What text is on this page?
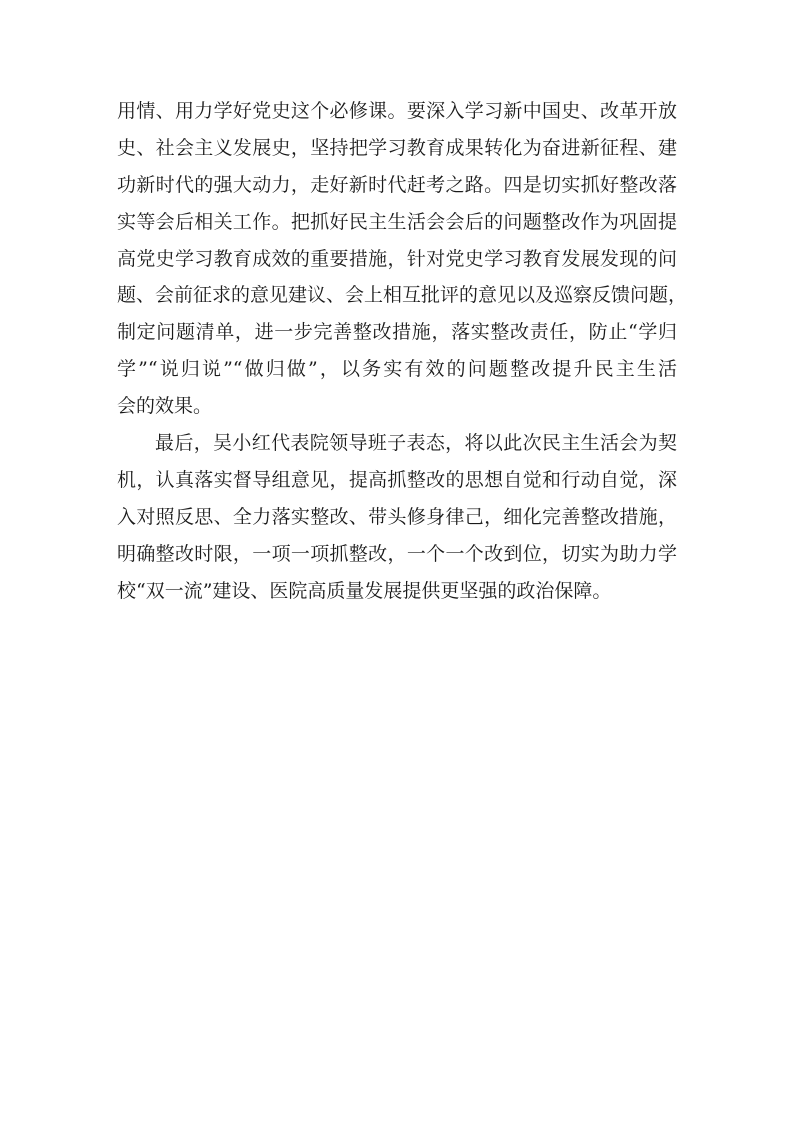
用情、用力学好党史这个必修课。要深入学习新中国史、改革开放
史、社会主义发展史，坚持把学习教育成果转化为奋进新征程、建
功新时代的强大动力，走好新时代赶考之路。四是切实抓好整改落
实等会后相关工作。把抓好民主生活会会后的问题整改作为巩固提
高党史学习教育成效的重要措施，针对党史学习教育发展发现的问
题、会前征求的意见建议、会上相互批评的意见以及巡察反馈问题，
制定问题清单，进一步完善整改措施，落实整改责任，防止“学归
学”“说归说”“做归做”，以务实有效的问题整改提升民主生活
会的效果。
最后，吴小红代表院领导班子表态，将以此次民主生活会为契
机，认真落实督导组意见，提高抓整改的思想自觉和行动自觉，深
入对照反思、全力落实整改、带头修身律己，细化完善整改措施，
明确整改时限，一项一项抓整改，一个一个改到位，切实为助力学
校“双一流”建设、医院高质量发展提供更坚强的政治保障。
